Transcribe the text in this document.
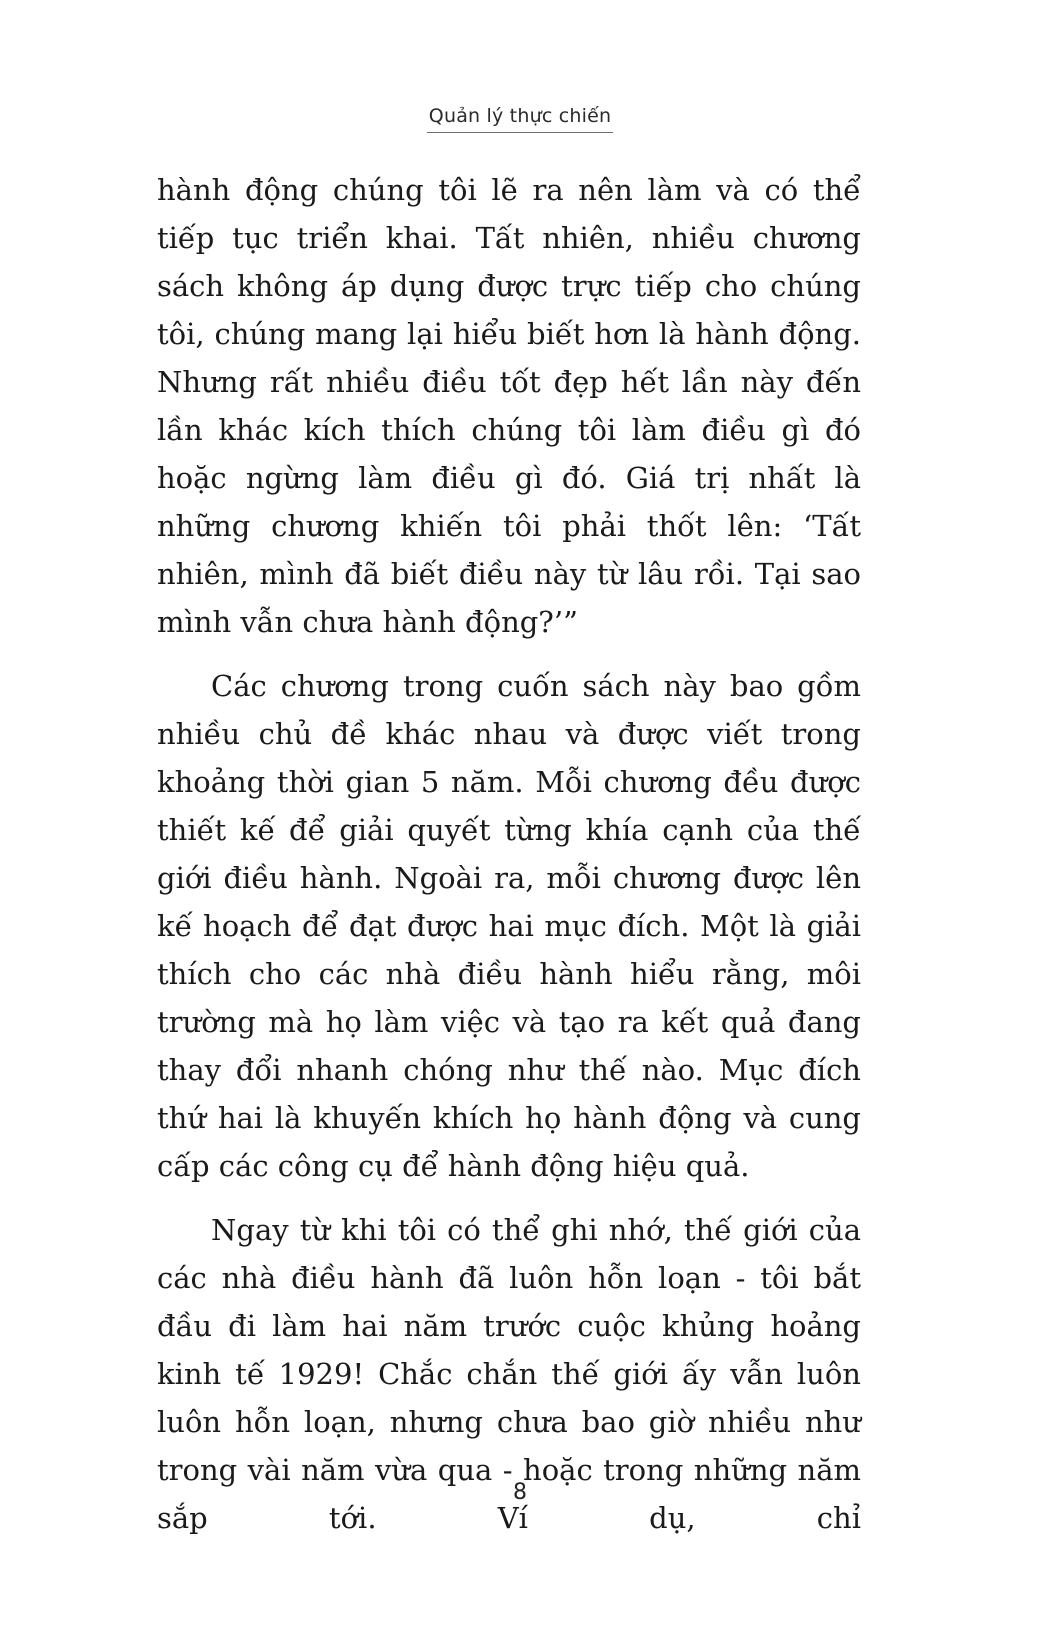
Quản lý thực chiến

hành động chúng tôi lẽ ra nên làm và có thể tiếp tục triển khai. Tất nhiên, nhiều chương sách không áp dụng được trực tiếp cho chúng tôi, chúng mang lại hiểu biết hơn là hành động. Nhưng rất nhiều điều tốt đẹp hết lần này đến lần khác kích thích chúng tôi làm điều gì đó hoặc ngừng làm điều gì đó. Giá trị nhất là những chương khiến tôi phải thốt lên: ‘Tất nhiên, mình đã biết điều này từ lâu rồi. Tại sao mình vẫn chưa hành động?’”

Các chương trong cuốn sách này bao gồm nhiều chủ đề khác nhau và được viết trong khoảng thời gian 5 năm. Mỗi chương đều được thiết kế để giải quyết từng khía cạnh của thế giới điều hành. Ngoài ra, mỗi chương được lên kế hoạch để đạt được hai mục đích. Một là giải thích cho các nhà điều hành hiểu rằng, môi trường mà họ làm việc và tạo ra kết quả đang thay đổi nhanh chóng như thế nào. Mục đích thứ hai là khuyến khích họ hành động và cung cấp các công cụ để hành động hiệu quả.

Ngay từ khi tôi có thể ghi nhớ, thế giới của các nhà điều hành đã luôn hỗn loạn - tôi bắt đầu đi làm hai năm trước cuộc khủng hoảng kinh tế 1929! Chắc chắn thế giới ấy vẫn luôn luôn hỗn loạn, nhưng chưa bao giờ nhiều như trong vài năm vừa qua - hoặc trong những năm sắp tới. Ví dụ, chỉ

8
